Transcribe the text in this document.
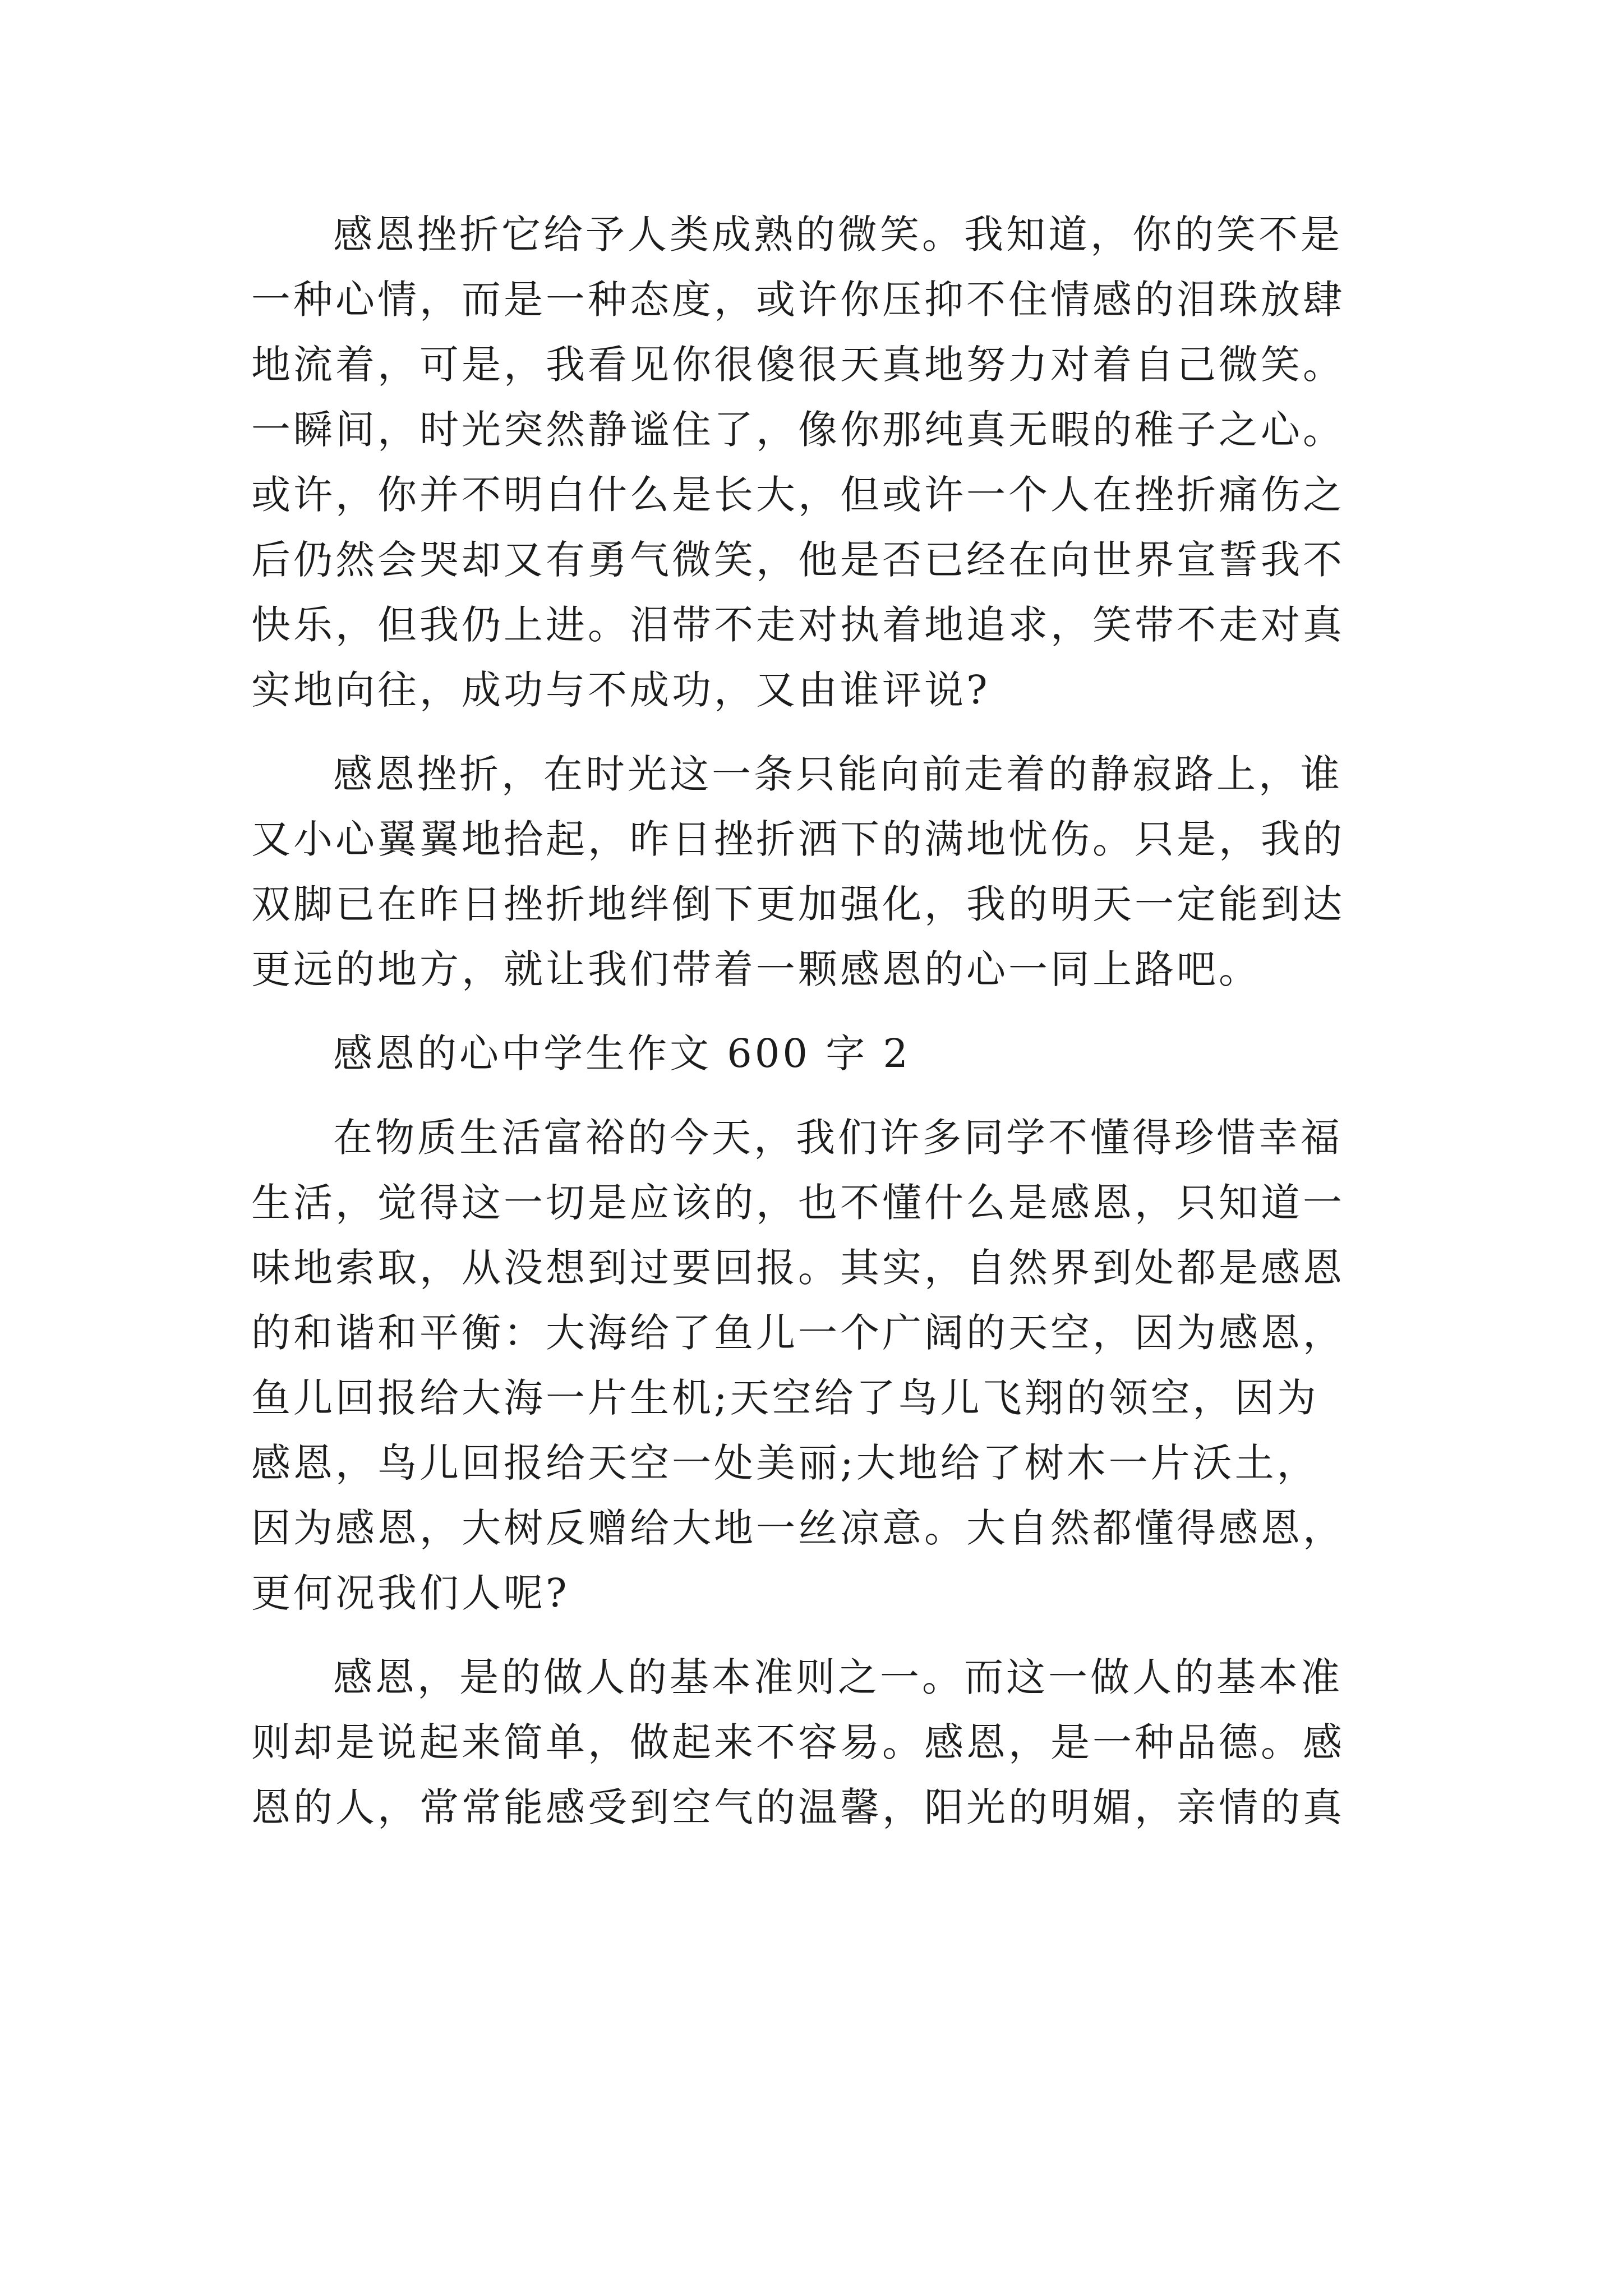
感恩挫折它给予人类成熟的微笑。我知道，你的笑不是
一种心情，而是一种态度，或许你压抑不住情感的泪珠放肆
地流着，可是，我看见你很傻很天真地努力对着自己微笑。
一瞬间，时光突然静谧住了，像你那纯真无暇的稚子之心。
或许，你并不明白什么是长大，但或许一个人在挫折痛伤之
后仍然会哭却又有勇气微笑，他是否已经在向世界宣誓我不
快乐，但我仍上进。泪带不走对执着地追求，笑带不走对真
实地向往，成功与不成功，又由谁评说?
感恩挫折，在时光这一条只能向前走着的静寂路上，谁
又小心翼翼地拾起，昨日挫折洒下的满地忧伤。只是，我的
双脚已在昨日挫折地绊倒下更加强化，我的明天一定能到达
更远的地方，就让我们带着一颗感恩的心一同上路吧。
感恩的心中学生作文 600 字 2
在物质生活富裕的今天，我们许多同学不懂得珍惜幸福
生活，觉得这一切是应该的，也不懂什么是感恩，只知道一
味地索取，从没想到过要回报。其实，自然界到处都是感恩
的和谐和平衡：大海给了鱼儿一个广阔的天空，因为感恩，
鱼儿回报给大海一片生机;天空给了鸟儿飞翔的领空，因为
感恩，鸟儿回报给天空一处美丽;大地给了树木一片沃土，
因为感恩，大树反赠给大地一丝凉意。大自然都懂得感恩，
更何况我们人呢?
感恩，是的做人的基本准则之一。而这一做人的基本准
则却是说起来简单，做起来不容易。感恩，是一种品德。感
恩的人，常常能感受到空气的温馨，阳光的明媚，亲情的真
